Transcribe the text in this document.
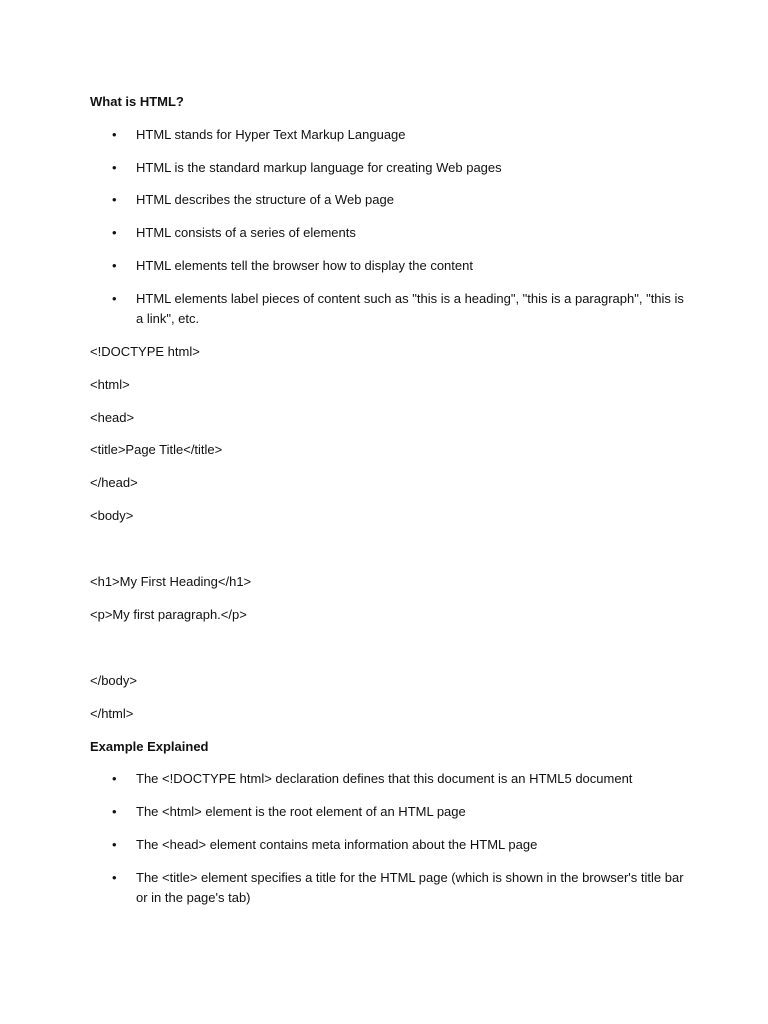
What is HTML?
•	HTML stands for Hyper Text Markup Language
•	HTML is the standard markup language for creating Web pages
•	HTML describes the structure of a Web page
•	HTML consists of a series of elements
•	HTML elements tell the browser how to display the content
•	HTML elements label pieces of content such as "this is a heading", "this is a paragraph", "this is a link", etc.
<!DOCTYPE html>
<html>
<head>
<title>Page Title</title>
</head>
<body>
<h1>My First Heading</h1>
<p>My first paragraph.</p>
</body>
</html>
Example Explained
•	The <!DOCTYPE html> declaration defines that this document is an HTML5 document
•	The <html> element is the root element of an HTML page
•	The <head> element contains meta information about the HTML page
•	The <title> element specifies a title for the HTML page (which is shown in the browser's title bar or in the page's tab)
